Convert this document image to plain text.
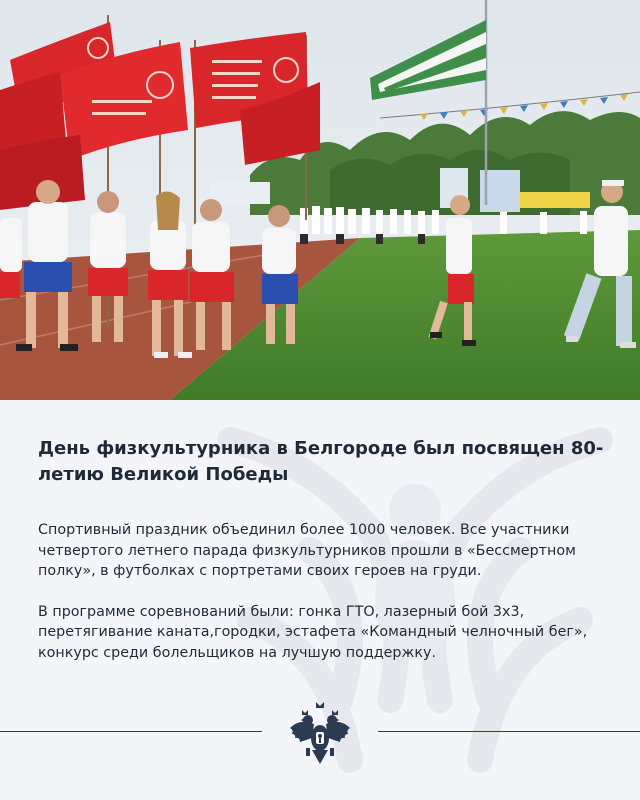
День физкультурника в Белгороде был посвящен 80-летию Великой Победы

Спортивный праздник объединил более 1000 человек. Все участники четвертого летнего парада физкультурников прошли в «Бессмертном полку», в футболках с портретами своих героев на груди.

В программе соревнований были: гонка ГТО, лазерный бой 3х3, перетягивание каната,городки, эстафета «Командный челночный бег», конкурс среди болельщиков на лучшую поддержку.
